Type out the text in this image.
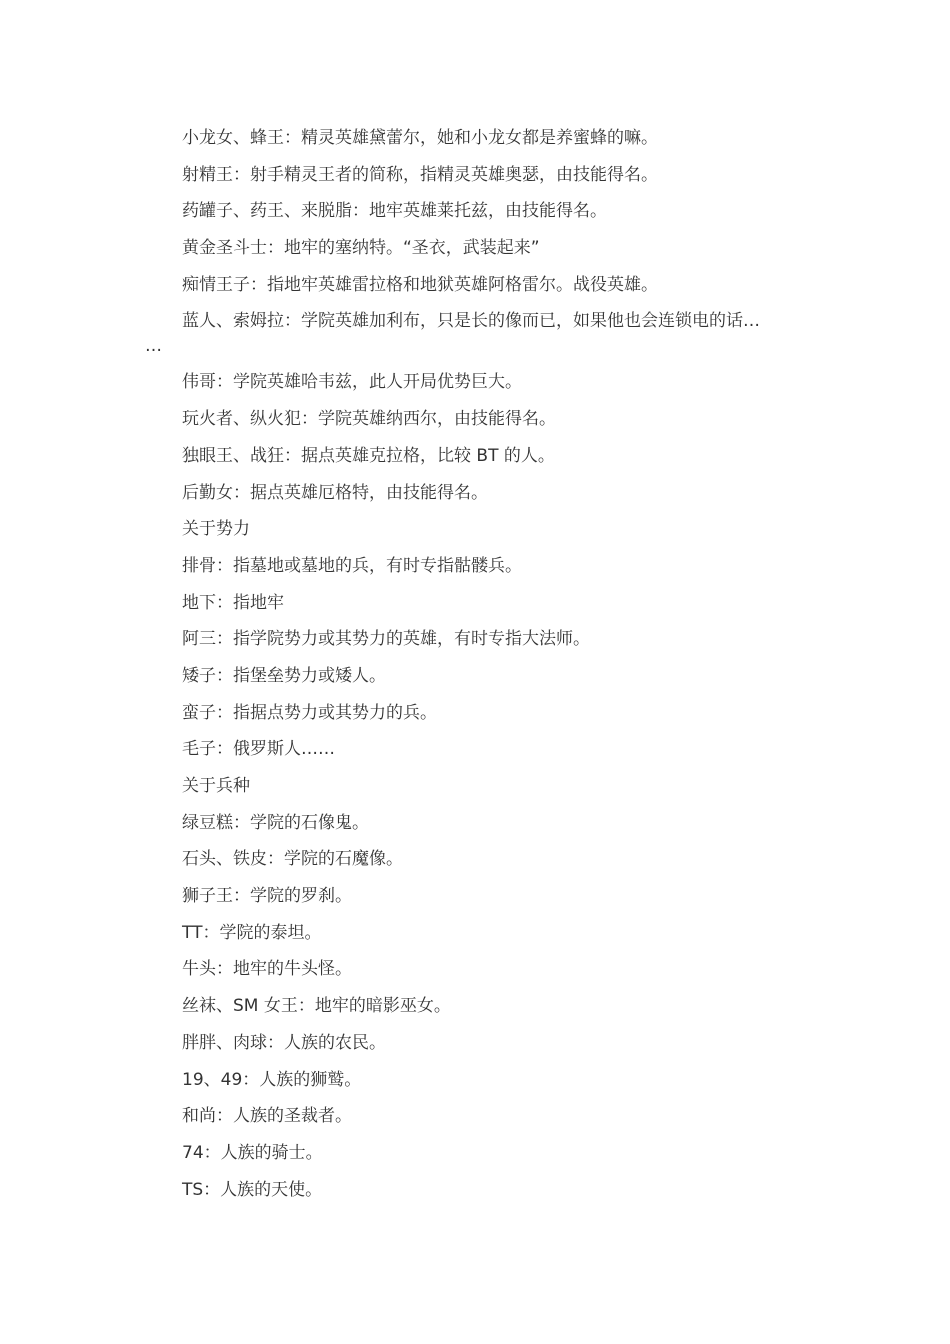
小龙女、蜂王：精灵英雄黛蕾尔，她和小龙女都是养蜜蜂的嘛。
射精王：射手精灵王者的简称，指精灵英雄奥瑟，由技能得名。
药罐子、药王、来脱脂：地牢英雄莱托兹，由技能得名。
黄金圣斗士：地牢的塞纳特。“圣衣，武装起来”
痴情王子：指地牢英雄雷拉格和地狱英雄阿格雷尔。战役英雄。
蓝人、索姆拉：学院英雄加利布，只是长的像而已，如果他也会连锁电的话…
…
伟哥：学院英雄哈韦兹，此人开局优势巨大。
玩火者、纵火犯：学院英雄纳西尔，由技能得名。
独眼王、战狂：据点英雄克拉格，比较 BT 的人。
后勤女：据点英雄厄格特，由技能得名。
关于势力
排骨：指墓地或墓地的兵，有时专指骷髅兵。
地下：指地牢
阿三：指学院势力或其势力的英雄，有时专指大法师。
矮子：指堡垒势力或矮人。
蛮子：指据点势力或其势力的兵。
毛子：俄罗斯人……
关于兵种
绿豆糕：学院的石像鬼。
石头、铁皮：学院的石魔像。
狮子王：学院的罗刹。
TT：学院的泰坦。
牛头：地牢的牛头怪。
丝袜、SM 女王：地牢的暗影巫女。
胖胖、肉球：人族的农民。
19、49：人族的狮鹫。
和尚：人族的圣裁者。
74：人族的骑士。
TS：人族的天使。
